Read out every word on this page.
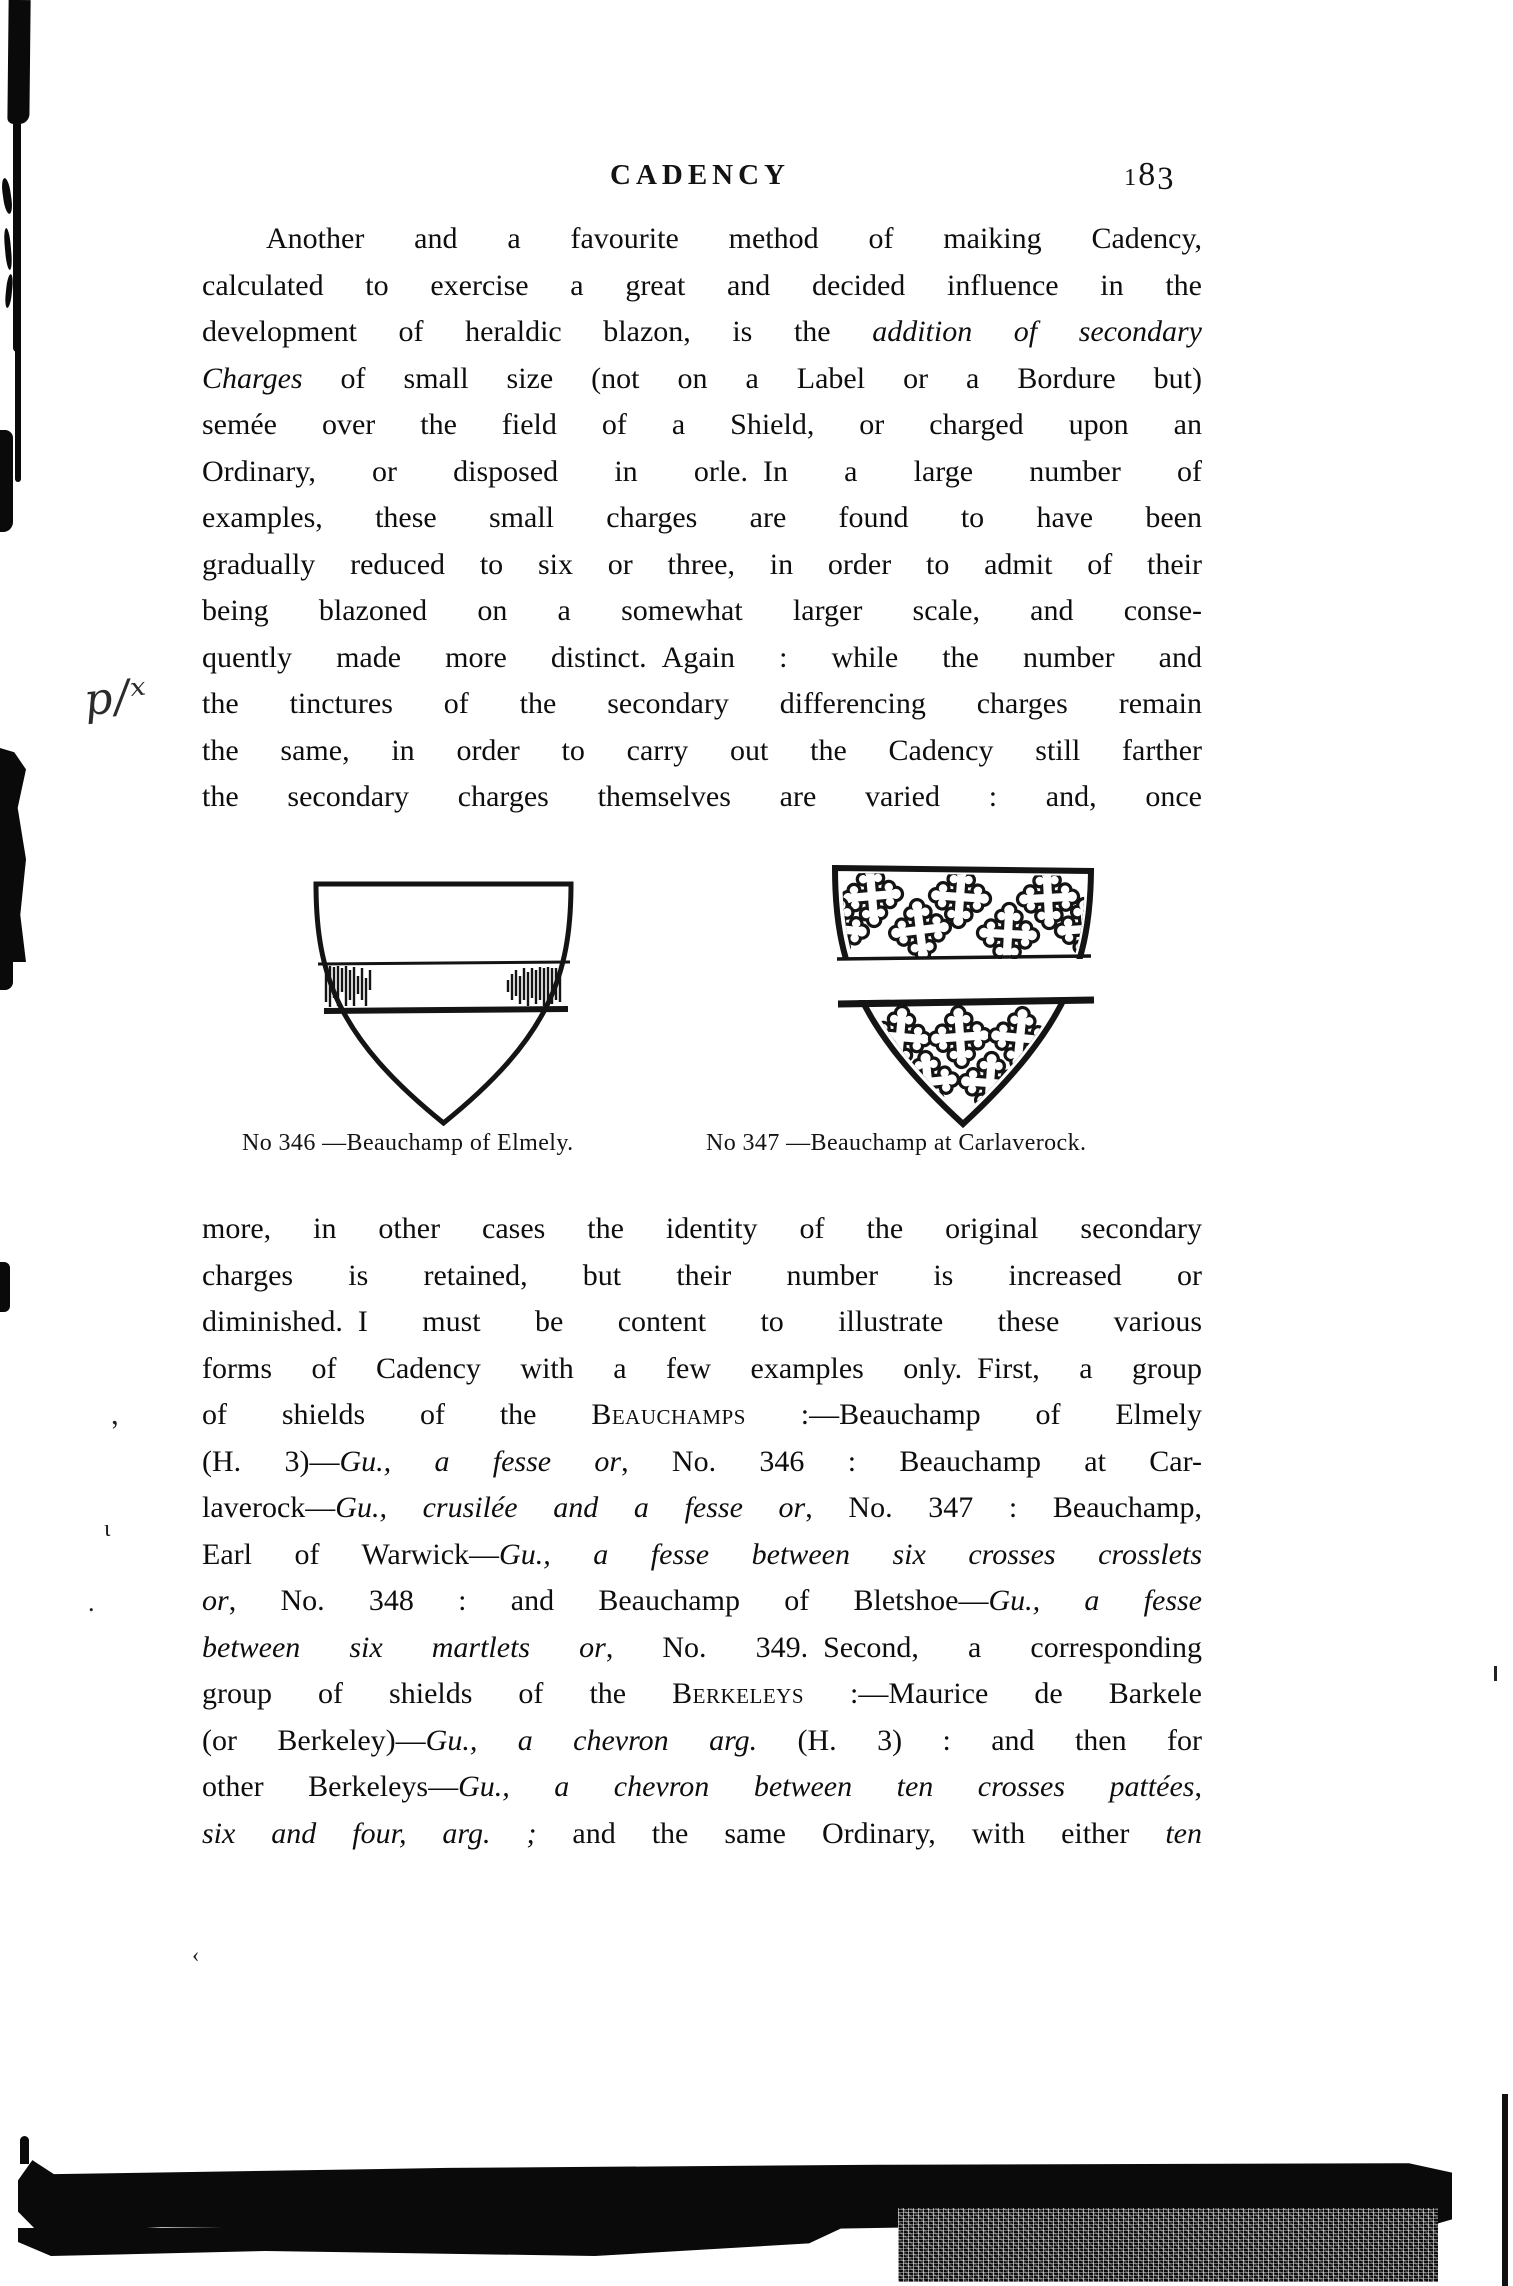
CADENCY	183
Another and a favourite method of maiking Cadency,
calculated to exercise a great and decided influence in the
development of heraldic blazon, is the addition of secondary
Charges of small size (not on a Label or a Bordure but)
semée over the field of a Shield, or charged upon an
Ordinary, or disposed in orle. In a large number of
examples, these small charges are found to have been
gradually reduced to six or three, in order to admit of their
being blazoned on a somewhat larger scale, and conse-
quently made more distinct. Again : while the number and
the tinctures of the secondary differencing charges remain
the same, in order to carry out the Cadency still farther
the secondary charges themselves are varied : and, once
more, in other cases the identity of the original secondary
charges is retained, but their number is increased or
diminished. I must be content to illustrate these various
forms of Cadency with a few examples only. First, a group
of shields of the Beauchamps :—Beauchamp of Elmely
(H. 3)—Gu., a fesse or, No. 346 : Beauchamp at Car-
laverock—Gu., crusilée and a fesse or, No. 347 : Beauchamp,
Earl of Warwick—Gu., a fesse between six crosses crosslets
or, No. 348 : and Beauchamp of Bletshoe—Gu., a fesse
between six martlets or, No. 349. Second, a corresponding
group of shields of the Berkeleys :—Maurice de Barkele
(or Berkeley)—Gu., a chevron arg. (H. 3) : and then for
other Berkeleys—Gu., a chevron between ten crosses pattées,
six and four, arg. ; and the same Ordinary, with either ten
No 346 —Beauchamp of Elmely.	No 347 —Beauchamp at Carlaverock.
p/ˣ
,
ι
.
‹
